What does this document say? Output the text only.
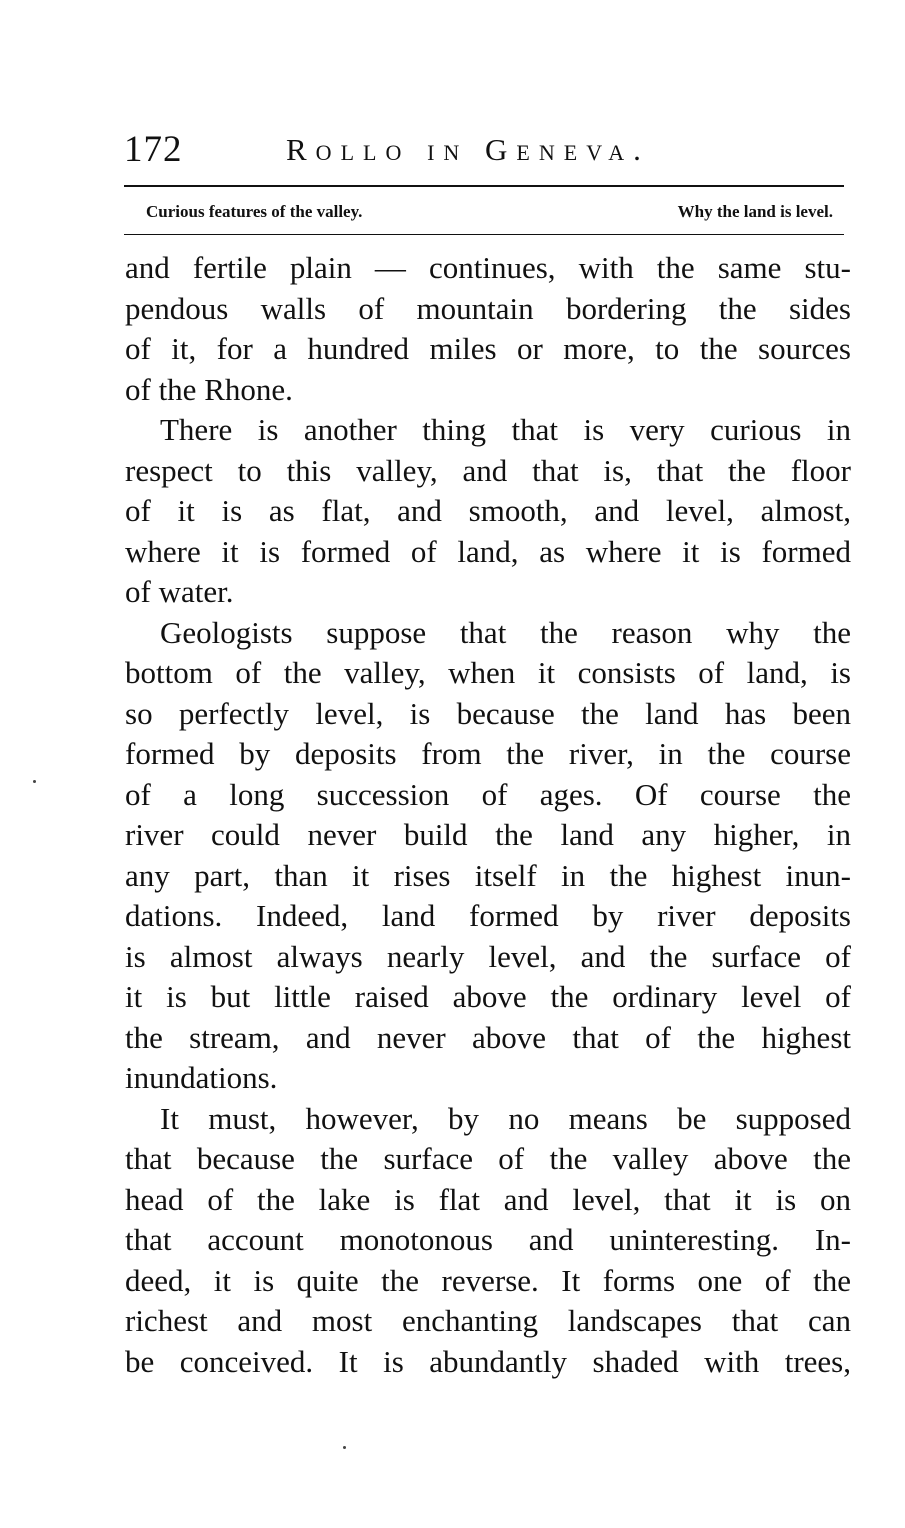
172	Rollo in Geneva.
Curious features of the valley.	Why the land is level.
and fertile plain — continues, with the same stu-
pendous walls of mountain bordering the sides
of it, for a hundred miles or more, to the sources
of the Rhone.
There is another thing that is very curious in
respect to this valley, and that is, that the floor
of it is as flat, and smooth, and level, almost,
where it is formed of land, as where it is formed
of water.
Geologists suppose that the reason why the
bottom of the valley, when it consists of land, is
so perfectly level, is because the land has been
formed by deposits from the river, in the course
of a long succession of ages. Of course the
river could never build the land any higher, in
any part, than it rises itself in the highest inun-
dations. Indeed, land formed by river deposits
is almost always nearly level, and the surface of
it is but little raised above the ordinary level of
the stream, and never above that of the highest
inundations.
It must, however, by no means be supposed
that because the surface of the valley above the
head of the lake is flat and level, that it is on
that account monotonous and uninteresting. In-
deed, it is quite the reverse. It forms one of the
richest and most enchanting landscapes that can
be conceived. It is abundantly shaded with trees,
